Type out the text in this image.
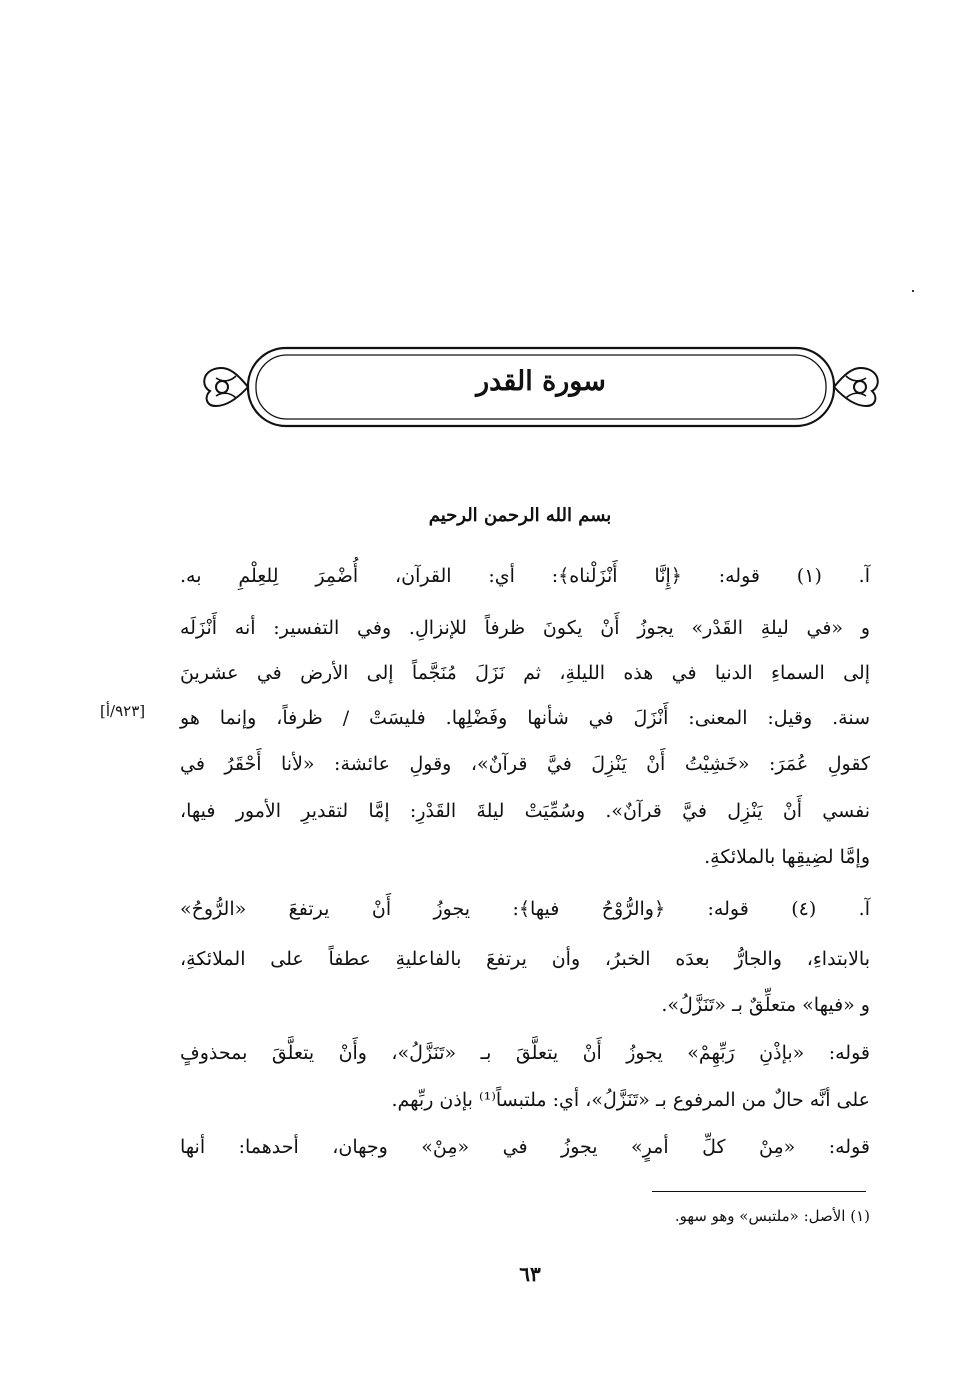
سورة القدر
بسم الله الرحمن الرحيم
آ. (١) قوله: ﴿إِنَّا أَنْزَلْناه﴾: أي: القرآن، أُضْمِرَ لِلعِلْمِ به.
و «في ليلةِ القَدْر» يجوزُ أَنْ يكونَ ظرفاً للإنزالِ. وفي التفسير: أنه أَنْزَلَه
إلى السماءِ الدنيا في هذه الليلةِ، ثم نَزَلَ مُنَجَّماً إلى الأرض في عشرينَ
سنة. وقيل: المعنى: أَنْزَلَ في شأنها وفَضْلِها. فليسَتْ / ظرفاً، وإنما هو
كقولِ عُمَرَ: «خَشِيْتُ أَنْ يَنْزِلَ فيَّ قرآنٌ»، وقولِ عائشة: «لأنا أَحْقَرُ في
نفسي أَنْ يَنْزِل فيَّ قرآنٌ». وسُمِّيَتْ ليلةَ القَدْرِ: إمَّا لتقديرِ الأمور فيها،
وإمَّا لضِيقِها بالملائكةِ.
آ. (٤) قوله: ﴿والرُّوْحُ فيها﴾: يجوزُ أَنْ يرتفعَ «الرُّوحُ»
بالابتداءِ، والجارُّ بعدَه الخبرُ، وأن يرتفعَ بالفاعليةِ عطفاً على الملائكةِ،
و «فيها» متعلِّقٌ بـ «تَنَزَّلُ».
قوله: «بإذْنِ رَبِّهِمْ» يجوزُ أَنْ يتعلَّقَ بـ «تَنَزَّلُ»، وأَنْ يتعلَّقَ بمحذوفٍ
على أنَّه حالٌ من المرفوع بـ «تَنَزَّلُ»، أي: ملتبساً⁽¹⁾ بإذن ربِّهم.
قوله: «مِنْ كلِّ أمرٍ» يجوزُ في «مِنْ» وجهان، أحدهما: أنها
[٩٢٣/أ]
(١) الأصل: «ملتبس» وهو سهو.
٦٣
